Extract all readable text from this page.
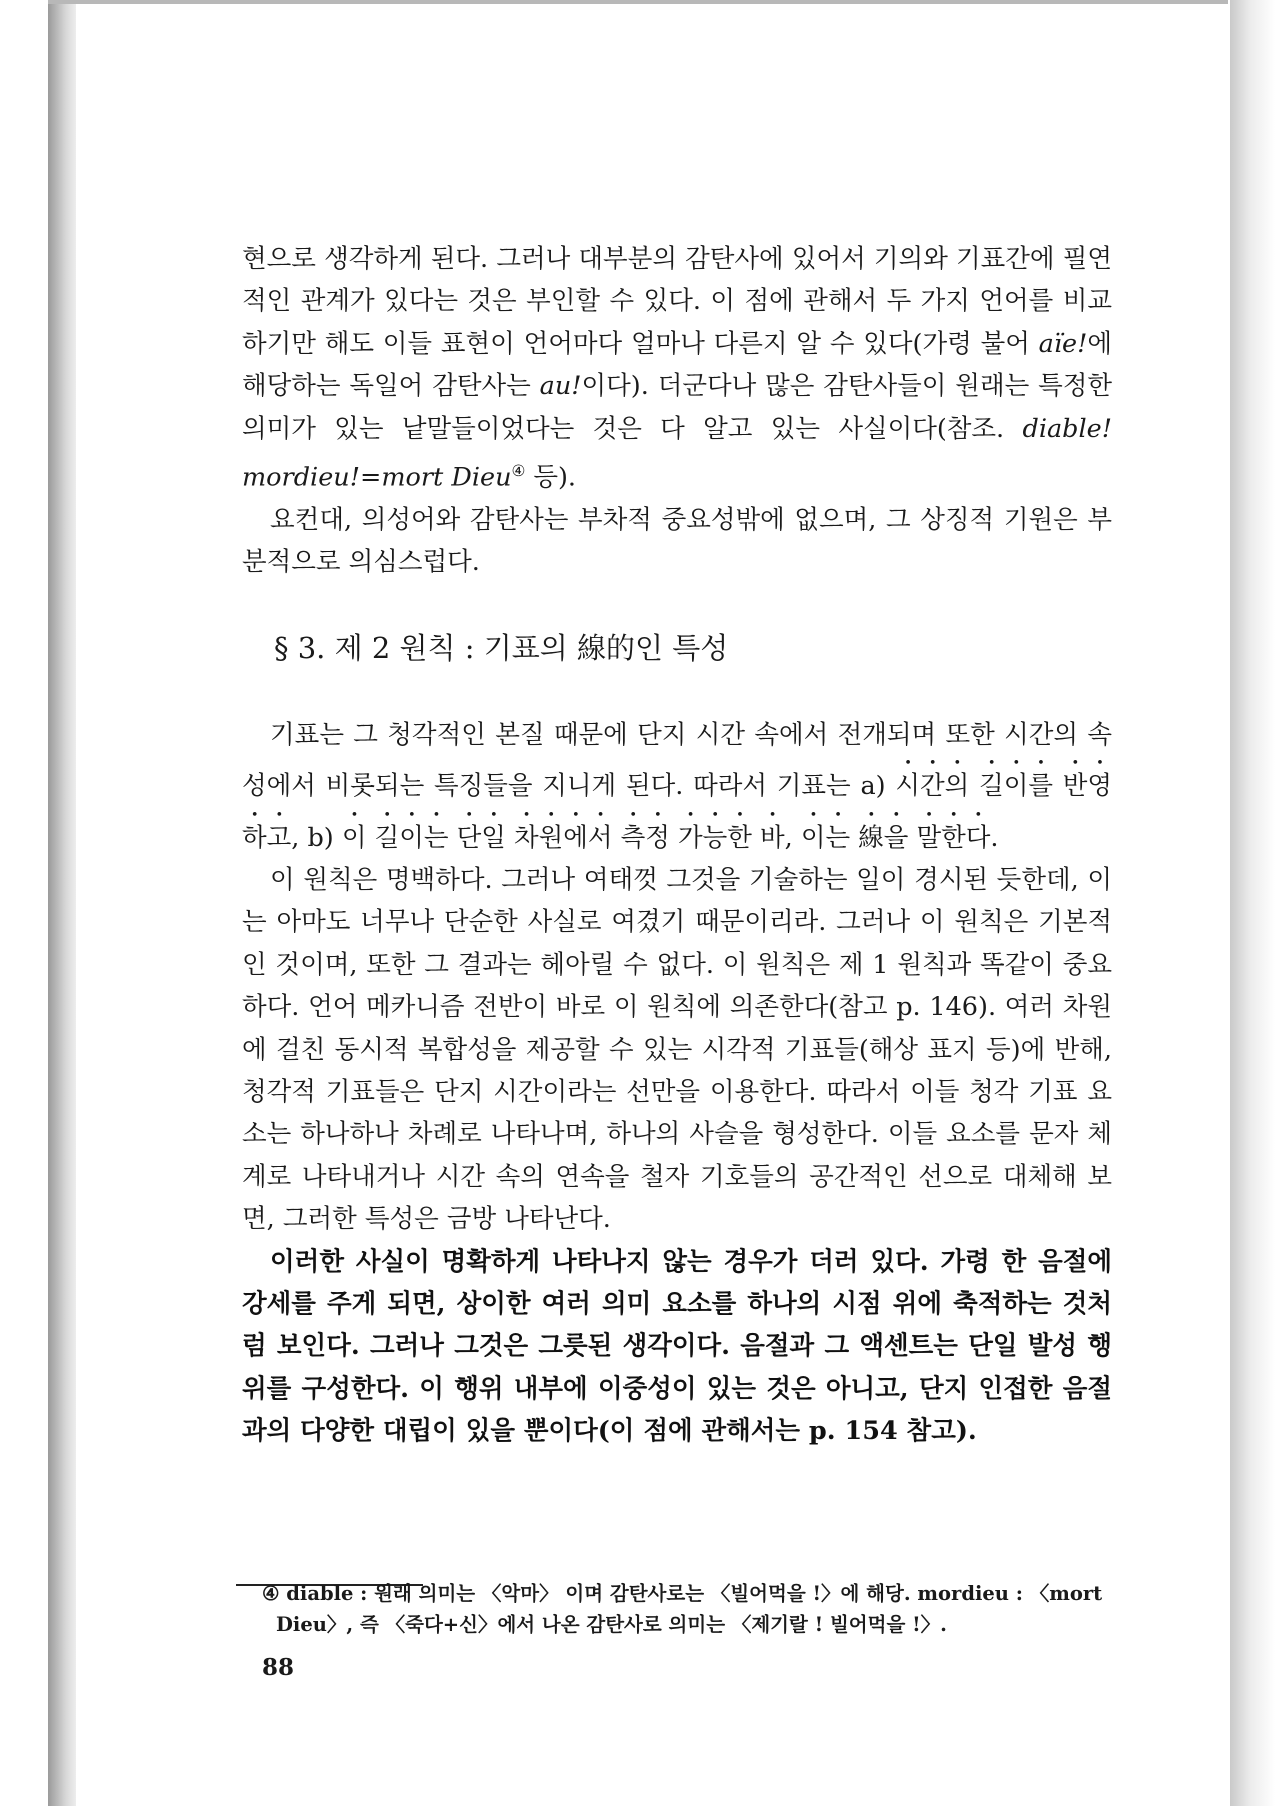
현으로 생각하게 된다. 그러나 대부분의 감탄사에 있어서 기의와 기표간에 필연적인 관계가 있다는 것은 부인할 수 있다. 이 점에 관해서 두 가지 언어를 비교하기만 해도 이들 표현이 언어마다 얼마나 다른지 알 수 있다(가령 불어 aïe!에 해당하는 독일어 감탄사는 au!이다). 더군다나 많은 감탄사들이 원래는 특정한 의미가 있는 낱말들이었다는 것은 다 알고 있는 사실이다(참조. diable! mordieu!=mort Dieu④ 등).

요컨대, 의성어와 감탄사는 부차적 중요성밖에 없으며, 그 상징적 기원은 부분적으로 의심스럽다.

§ 3. 제 2 원칙 : 기표의 線的인 특성

기표는 그 청각적인 본질 때문에 단지 시간 속에서 전개되며 또한 시간의 속성에서 비롯되는 특징들을 지니게 된다. 따라서 기표는 a) 시간의 길이를 반영하고, b) 이 길이는 단일 차원에서 측정 가능한 바, 이는 線을 말한다.

이 원칙은 명백하다. 그러나 여태껏 그것을 기술하는 일이 경시된 듯한데, 이는 아마도 너무나 단순한 사실로 여겼기 때문이리라. 그러나 이 원칙은 기본적인 것이며, 또한 그 결과는 헤아릴 수 없다. 이 원칙은 제 1 원칙과 똑같이 중요하다. 언어 메카니즘 전반이 바로 이 원칙에 의존한다(참고 p. 146). 여러 차원에 걸친 동시적 복합성을 제공할 수 있는 시각적 기표들(해상 표지 등)에 반해, 청각적 기표들은 단지 시간이라는 선만을 이용한다. 따라서 이들 청각 기표 요소는 하나하나 차례로 나타나며, 하나의 사슬을 형성한다. 이들 요소를 문자 체계로 나타내거나 시간 속의 연속을 철자 기호들의 공간적인 선으로 대체해 보면, 그러한 특성은 금방 나타난다.

이러한 사실이 명확하게 나타나지 않는 경우가 더러 있다. 가령 한 음절에 강세를 주게 되면, 상이한 여러 의미 요소를 하나의 시점 위에 축적하는 것처럼 보인다. 그러나 그것은 그릇된 생각이다. 음절과 그 액센트는 단일 발성 행위를 구성한다. 이 행위 내부에 이중성이 있는 것은 아니고, 단지 인접한 음절과의 다양한 대립이 있을 뿐이다(이 점에 관해서는 p. 154 참고).

④ diable : 원래 의미는 〈악마〉 이며 감탄사로는 〈빌어먹을 !〉에 해당. mordieu : 〈mort
Dieu〉, 즉 〈죽다+신〉에서 나온 감탄사로 의미는 〈제기랄 ! 빌어먹을 !〉.
88
